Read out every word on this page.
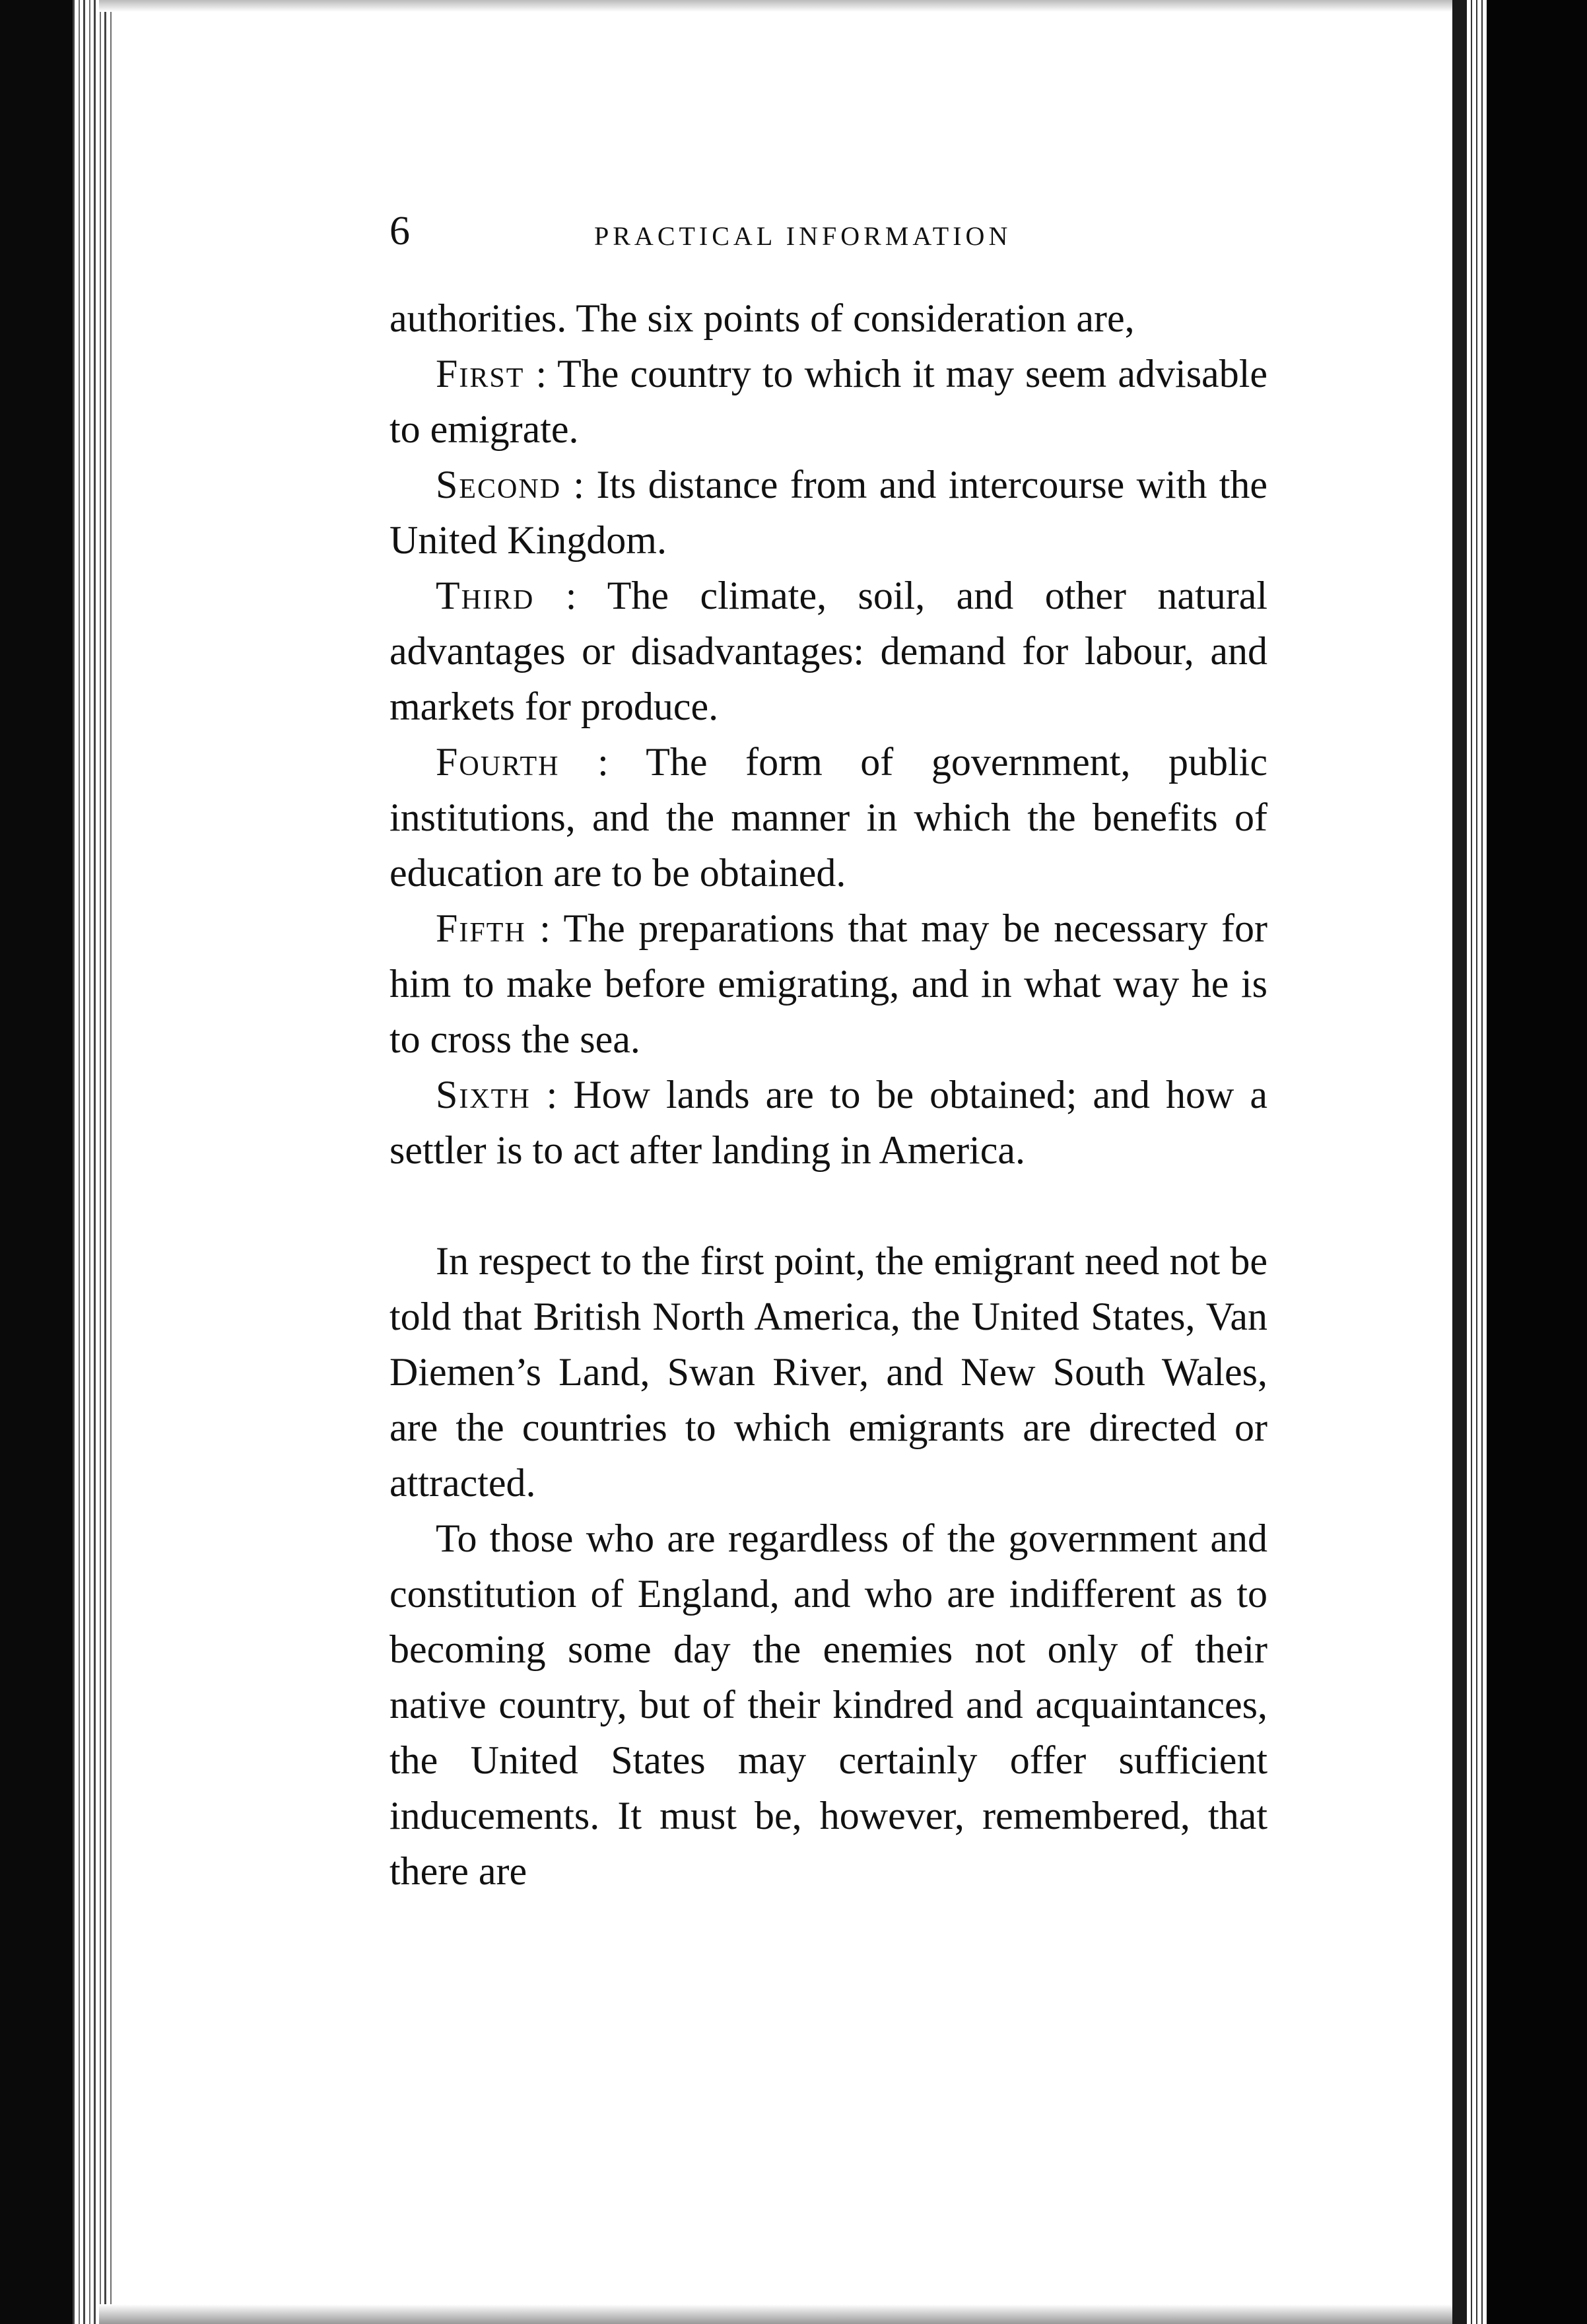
6	PRACTICAL INFORMATION

authorities. The six points of consideration are,

First : The country to which it may seem advisable to emigrate.

Second : Its distance from and intercourse with the United Kingdom.

Third : The climate, soil, and other natural advantages or disadvantages: demand for labour, and markets for produce.

Fourth : The form of government, public institutions, and the manner in which the benefits of education are to be obtained.

Fifth : The preparations that may be necessary for him to make before emigrating, and in what way he is to cross the sea.

Sixth : How lands are to be obtained; and how a settler is to act after landing in America.

In respect to the first point, the emigrant need not be told that British North America, the United States, Van Diemen’s Land, Swan River, and New South Wales, are the countries to which emigrants are directed or attracted.

To those who are regardless of the government and constitution of England, and who are indifferent as to becoming some day the enemies not only of their native country, but of their kindred and acquaintances, the United States may certainly offer sufficient inducements. It must be, however, remembered, that there are
